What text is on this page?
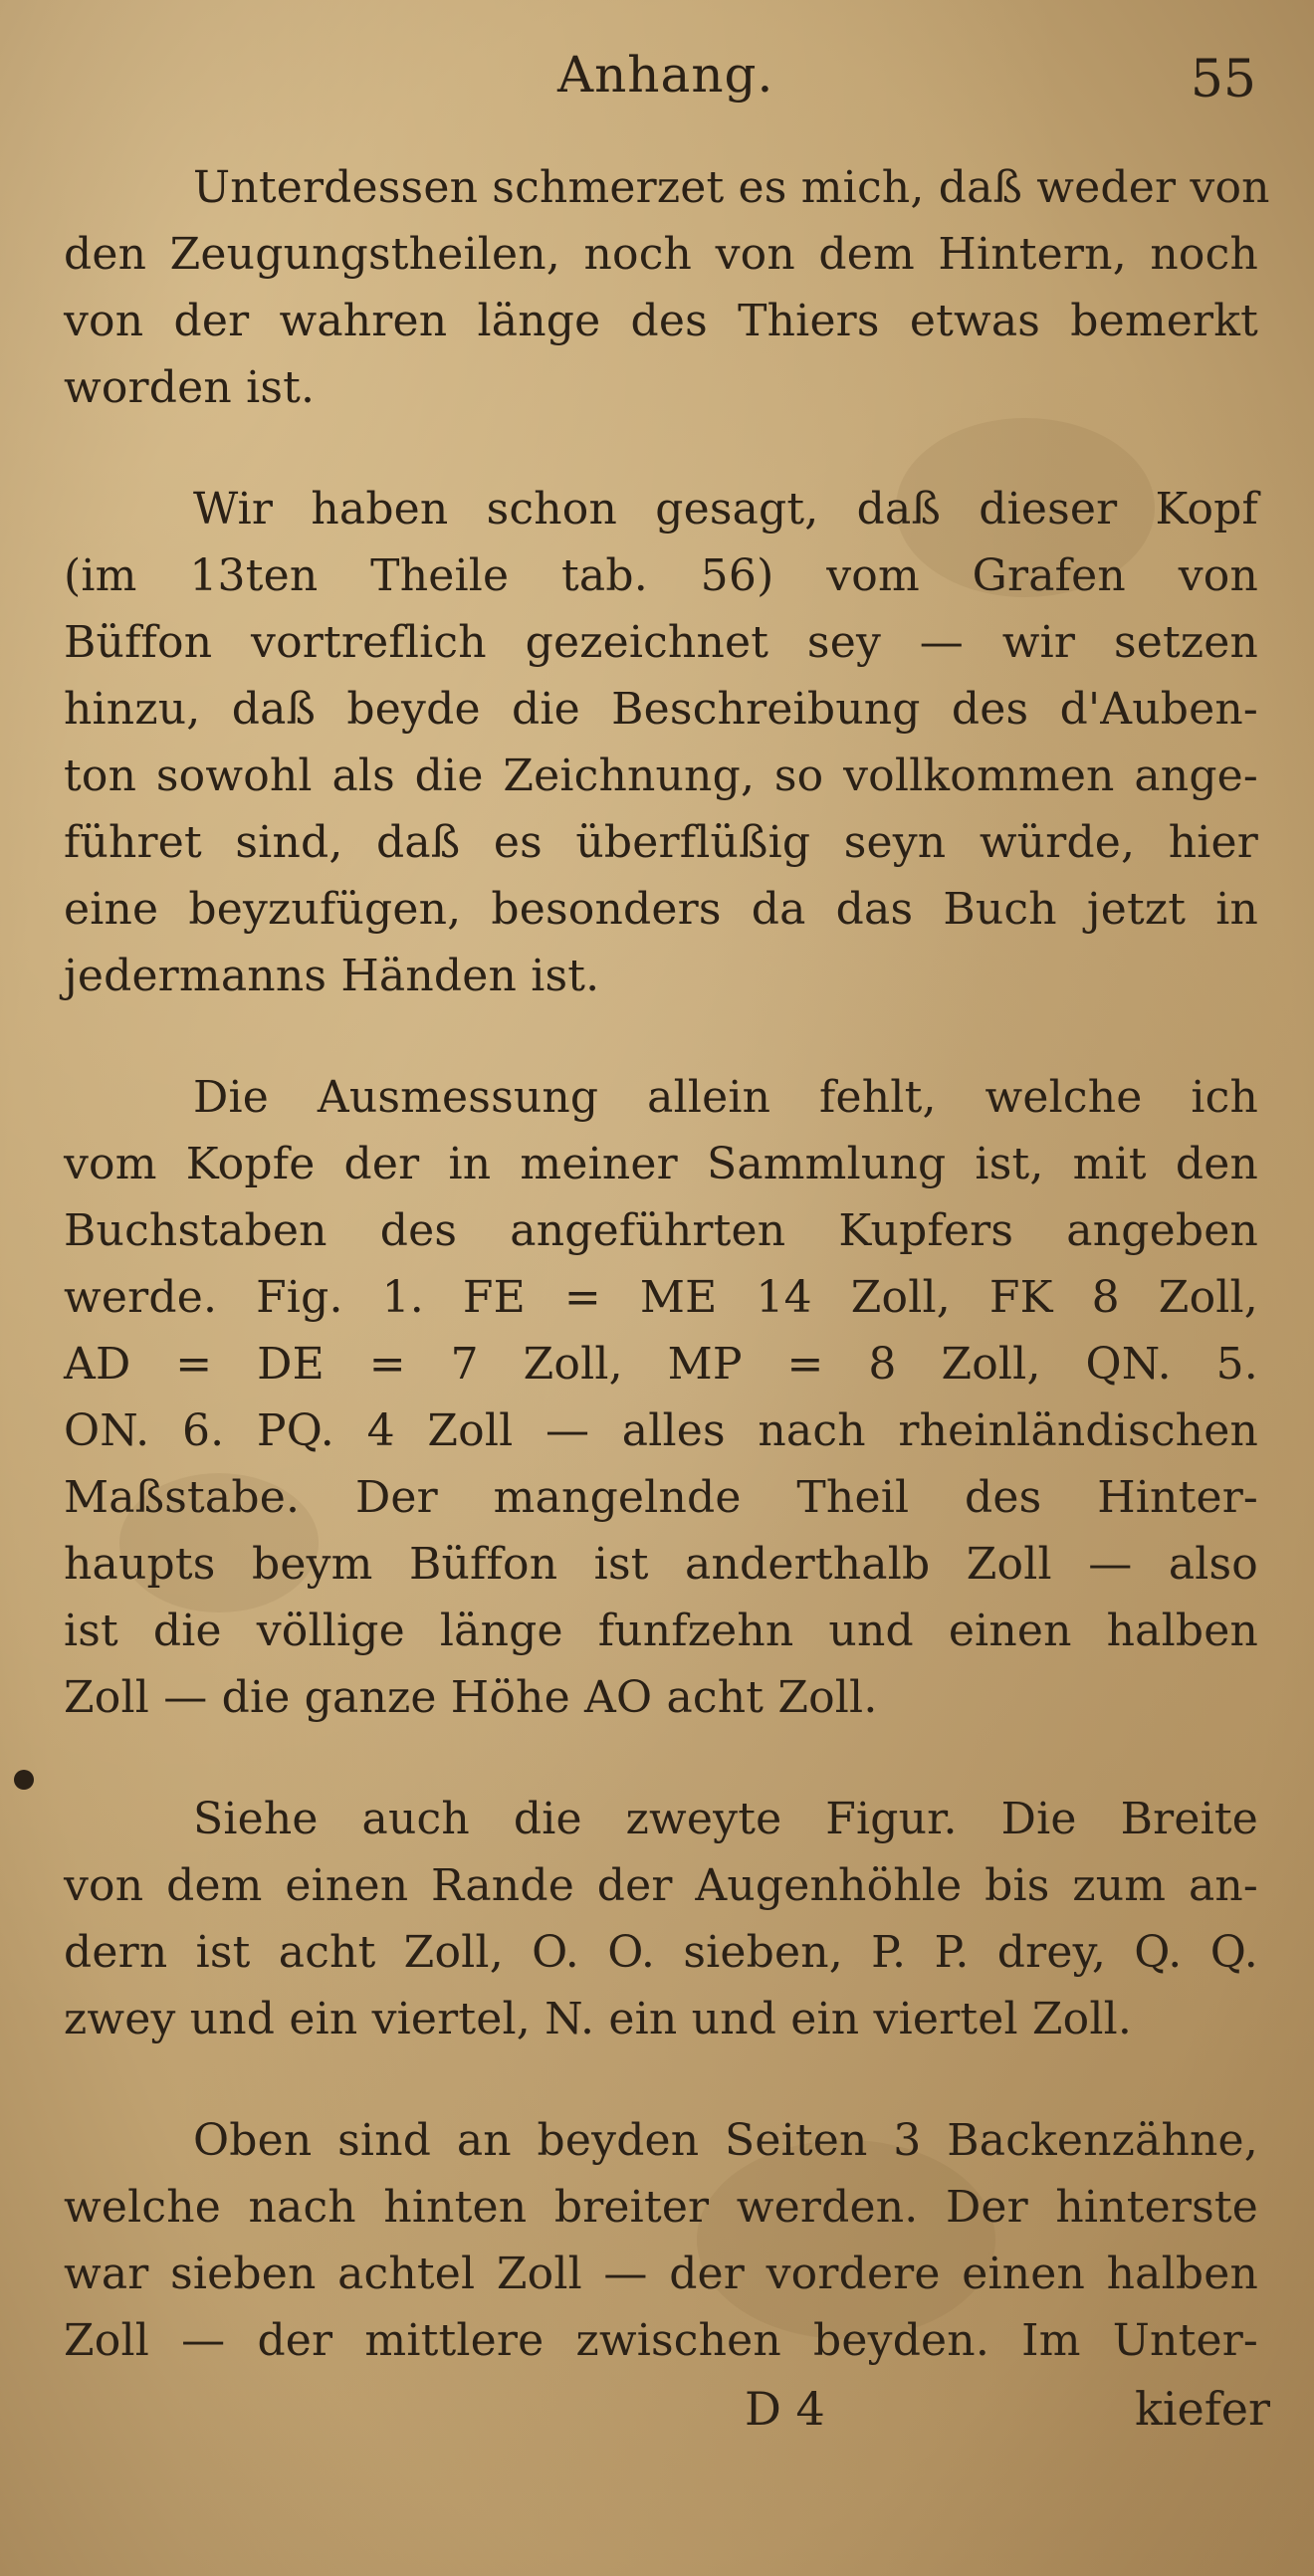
Anhang.	55
Unterdessen schmerzet es mich, daß weder von
den Zeugungstheilen, noch von dem Hintern, noch
von der wahren länge des Thiers etwas bemerkt
worden ist.
Wir haben schon gesagt, daß dieser Kopf
(im 13ten Theile tab. 56) vom Grafen von
Büffon vortreflich gezeichnet sey — wir setzen
hinzu, daß beyde die Beschreibung des d'Auben-
ton sowohl als die Zeichnung, so vollkommen ange-
führet sind, daß es überflüßig seyn würde, hier
eine beyzufügen, besonders da das Buch jetzt in
jedermanns Händen ist.
Die Ausmessung allein fehlt, welche ich
vom Kopfe der in meiner Sammlung ist, mit den
Buchstaben des angeführten Kupfers angeben
werde. Fig. 1. FE = ME 14 Zoll, FK 8 Zoll,
AD = DE = 7 Zoll, MP = 8 Zoll, QN. 5.
ON. 6. PQ. 4 Zoll — alles nach rheinländischen
Maßstabe. Der mangelnde Theil des Hinter-
haupts beym Büffon ist anderthalb Zoll — also
ist die völlige länge funfzehn und einen halben
Zoll — die ganze Höhe AO acht Zoll.
Siehe auch die zweyte Figur. Die Breite
von dem einen Rande der Augenhöhle bis zum an-
dern ist acht Zoll, O. O. sieben, P. P. drey, Q. Q.
zwey und ein viertel, N. ein und ein viertel Zoll.
Oben sind an beyden Seiten 3 Backenzähne,
welche nach hinten breiter werden. Der hinterste
war sieben achtel Zoll — der vordere einen halben
Zoll — der mittlere zwischen beyden. Im Unter-
D 4	kiefer
